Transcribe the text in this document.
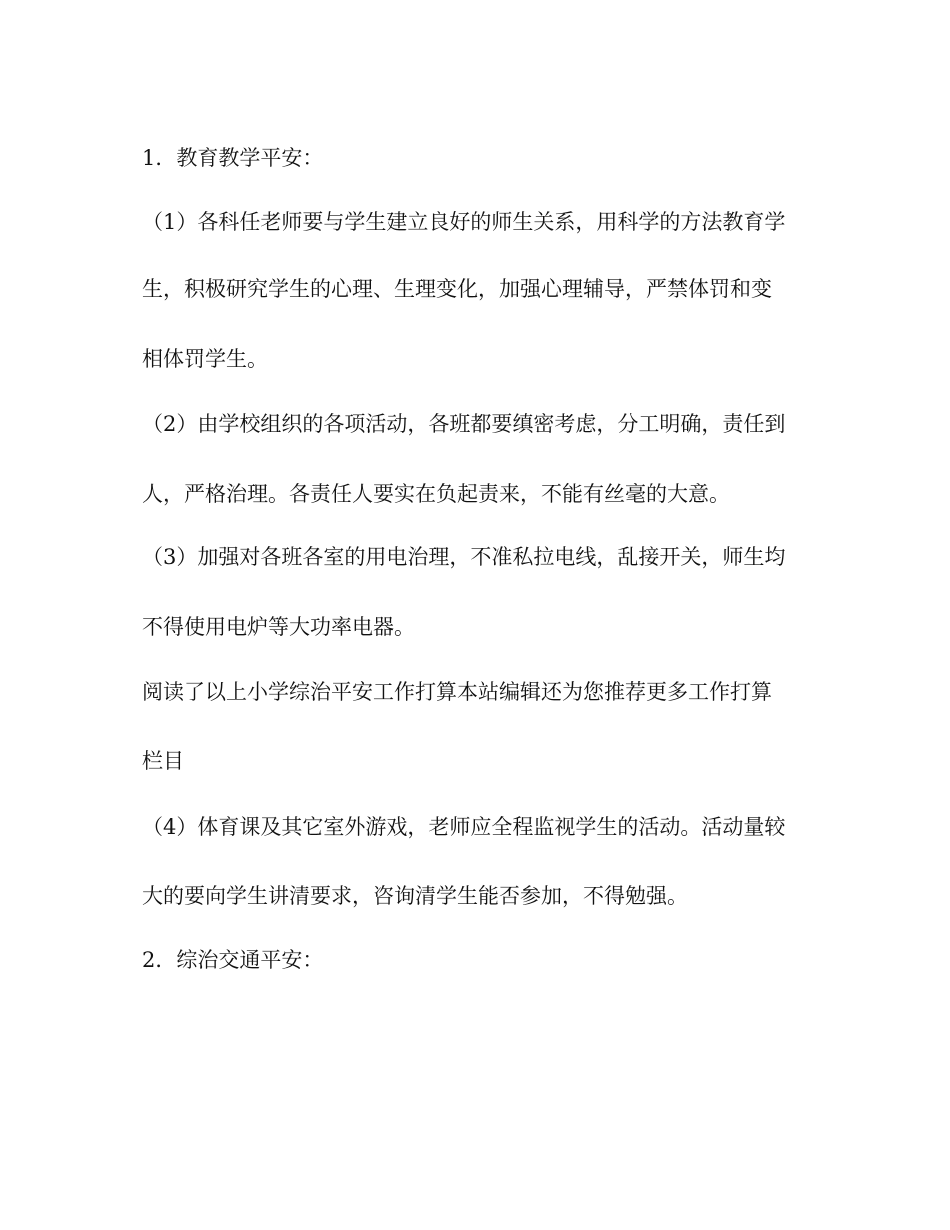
1．教育教学平安：
（1）各科任老师要与学生建立良好的师生关系，用科学的方法教育学
生，积极研究学生的心理、生理变化，加强心理辅导，严禁体罚和变
相体罚学生。
（2）由学校组织的各项活动，各班都要缜密考虑，分工明确，责任到
人，严格治理。各责任人要实在负起责来，不能有丝毫的大意。
（3）加强对各班各室的用电治理，不准私拉电线，乱接开关，师生均
不得使用电炉等大功率电器。
阅读了以上小学综治平安工作打算本站编辑还为您推荐更多工作打算
栏目
（4）体育课及其它室外游戏，老师应全程监视学生的活动。活动量较
大的要向学生讲清要求，咨询清学生能否参加，不得勉强。
2．综治交通平安：
